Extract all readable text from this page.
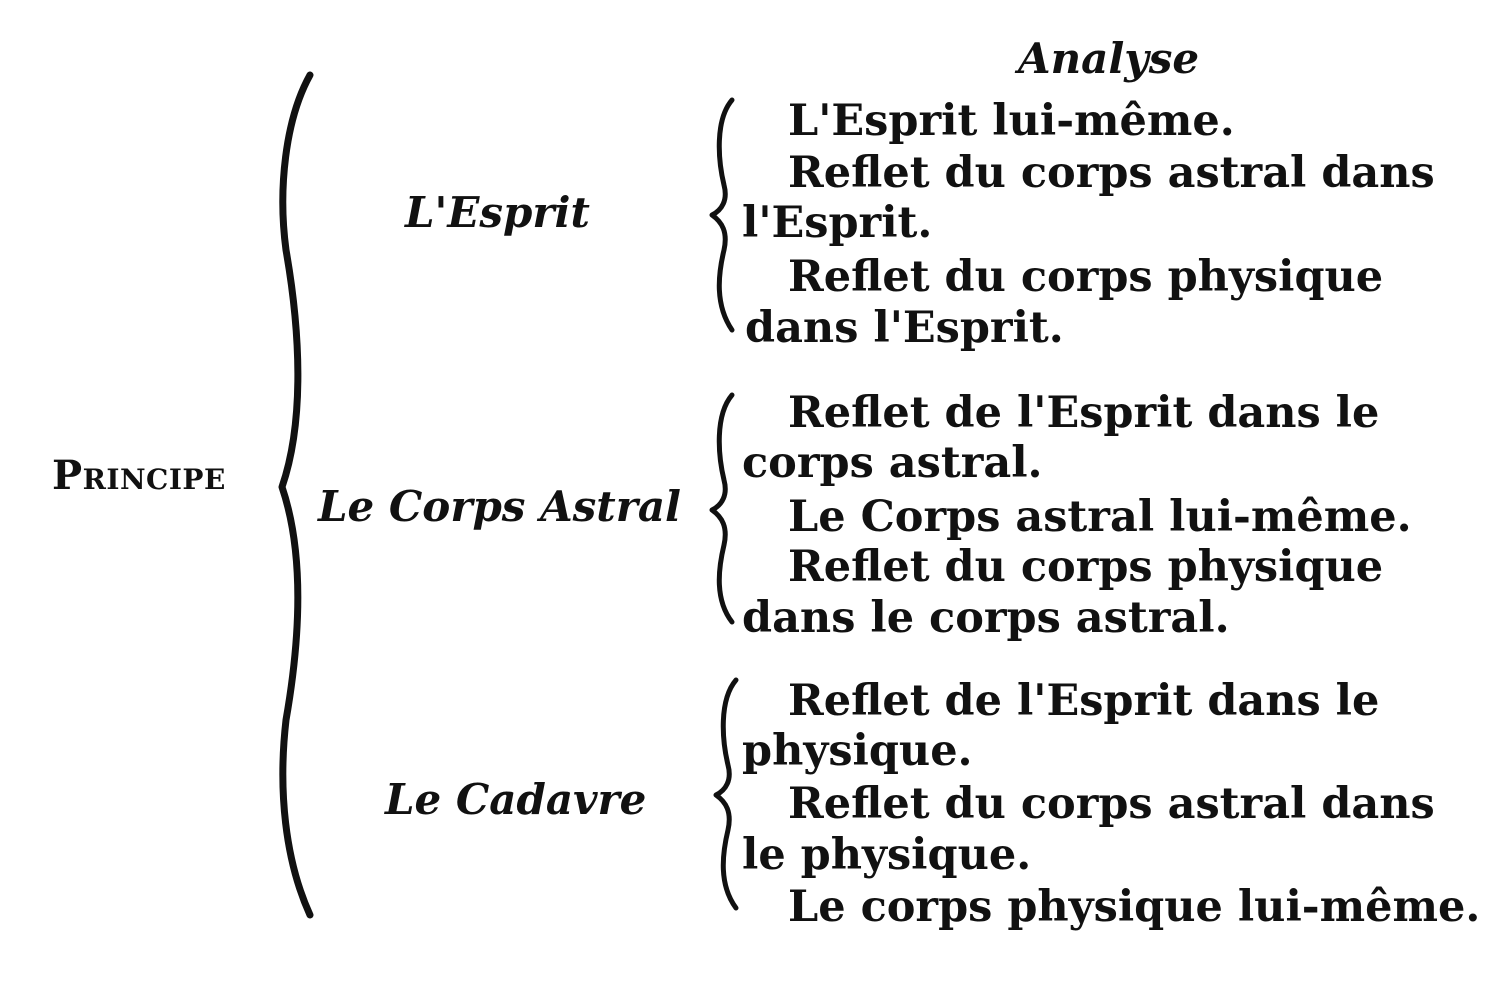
Analyse
Principe
L'Esprit
L'Esprit lui-même.
Reflet du corps astral dans
l'Esprit.
Reflet du corps physique
dans l'Esprit.
Le Corps Astral
Reflet de l'Esprit dans le
corps astral.
Le Corps astral lui-même.
Reflet du corps physique
dans le corps astral.
Le Cadavre
Reflet de l'Esprit dans le
physique.
Reflet du corps astral dans
le physique.
Le corps physique lui-même.
